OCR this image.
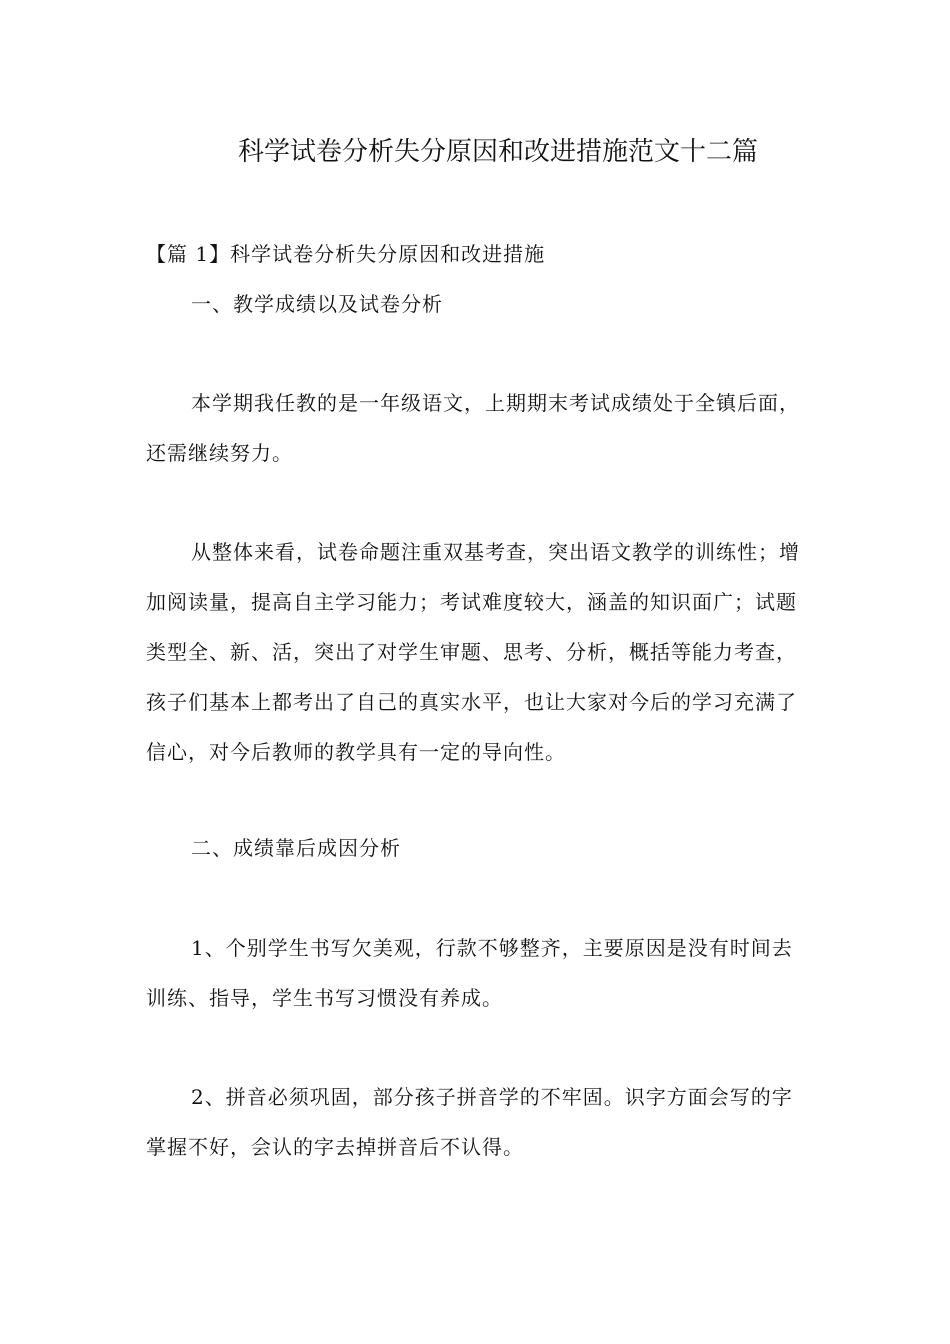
科学试卷分析失分原因和改进措施范文十二篇

【篇 1】科学试卷分析失分原因和改进措施

一、教学成绩以及试卷分析

本学期我任教的是一年级语文，上期期末考试成绩处于全镇后面，还需继续努力。

从整体来看，试卷命题注重双基考查，突出语文教学的训练性；增加阅读量，提高自主学习能力；考试难度较大，涵盖的知识面广；试题类型全、新、活，突出了对学生审题、思考、分析，概括等能力考查，孩子们基本上都考出了自己的真实水平，也让大家对今后的学习充满了信心，对今后教师的教学具有一定的导向性。

二、成绩靠后成因分析

1、个别学生书写欠美观，行款不够整齐，主要原因是没有时间去训练、指导，学生书写习惯没有养成。

2、拼音必须巩固，部分孩子拼音学的不牢固。识字方面会写的字掌握不好，会认的字去掉拼音后不认得。
